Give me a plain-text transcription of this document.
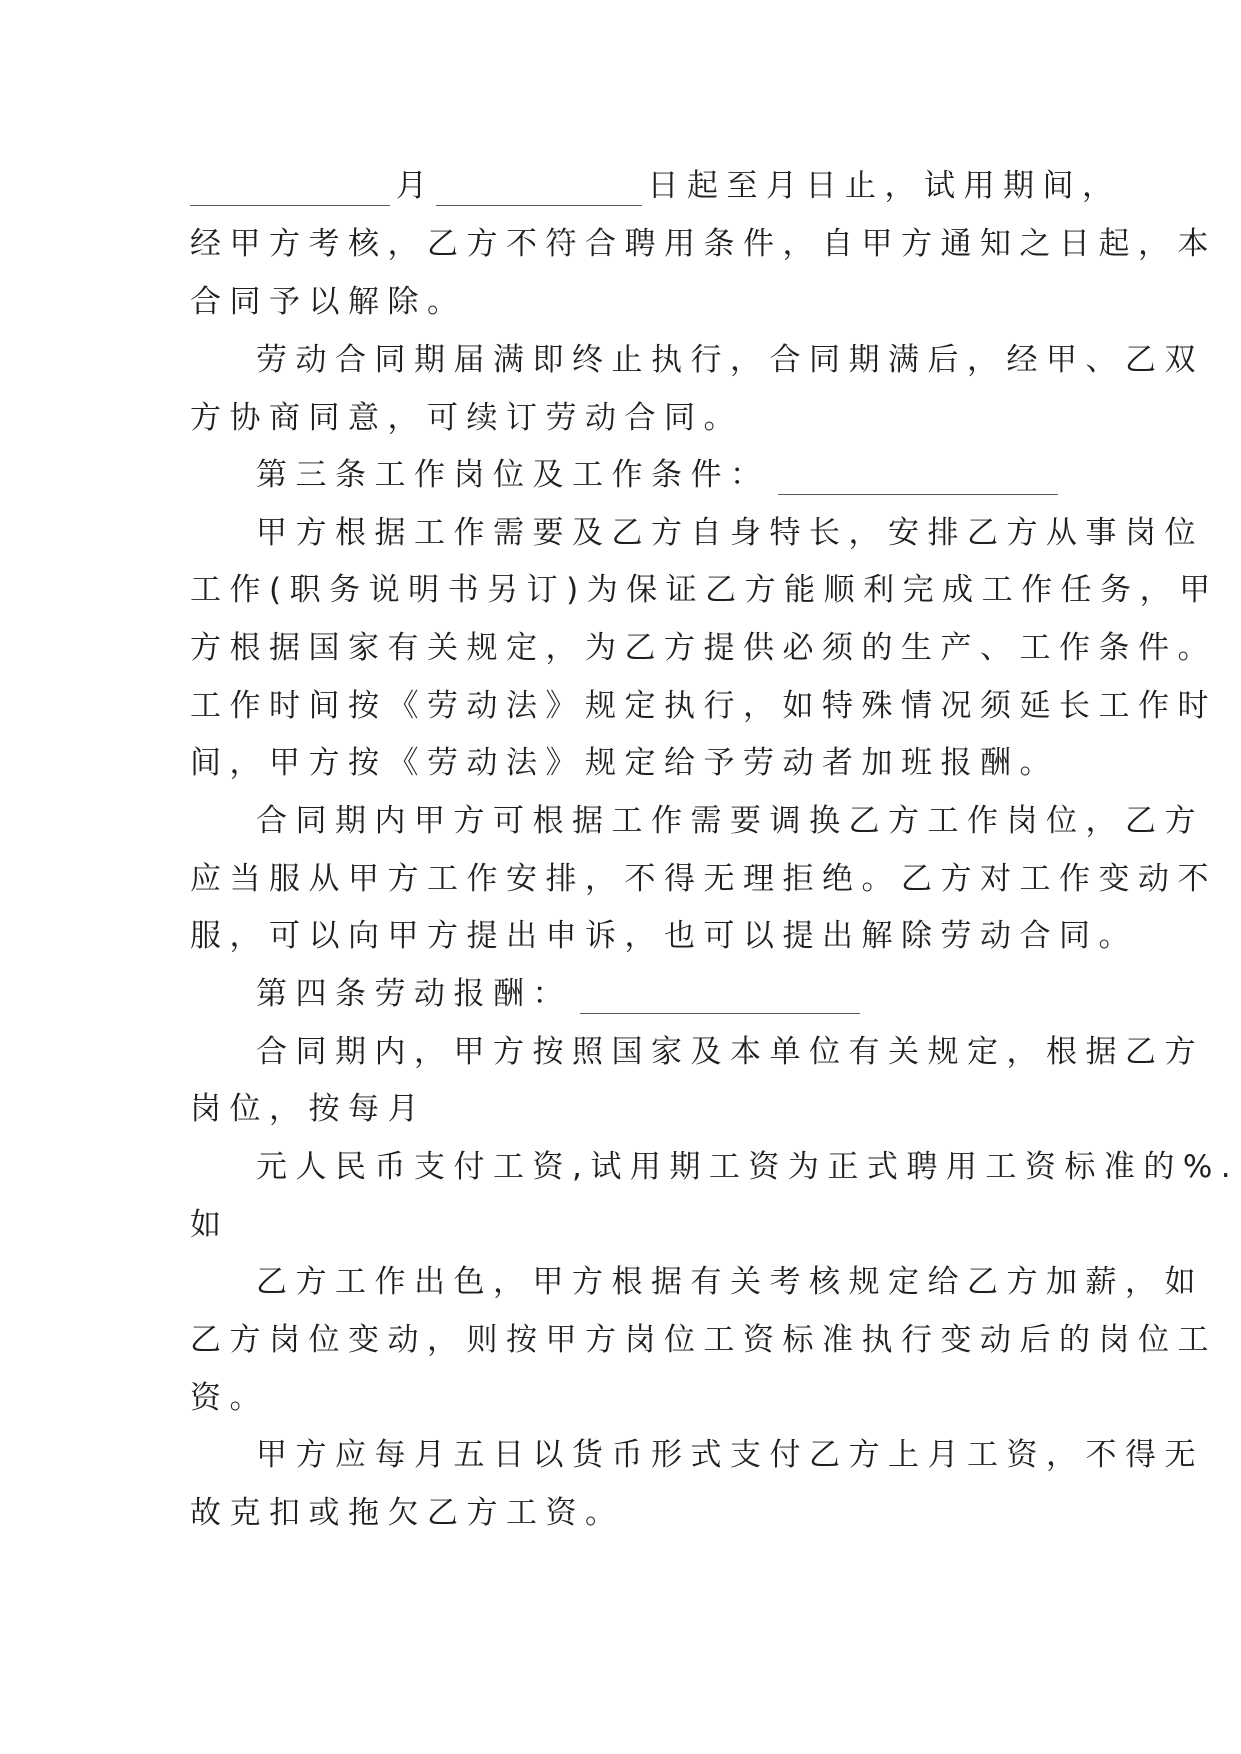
月	日起至月日止，试用期间，

经甲方考核，乙方不符合聘用条件，自甲方通知之日起，本

合同予以解除。

劳动合同期届满即终止执行，合同期满后，经甲、乙双

方协商同意，可续订劳动合同。

第三条工作岗位及工作条件：

甲方根据工作需要及乙方自身特长，安排乙方从事岗位

工作(职务说明书另订)为保证乙方能顺利完成工作任务，甲

方根据国家有关规定，为乙方提供必须的生产、工作条件。

工作时间按《劳动法》规定执行，如特殊情况须延长工作时

间，甲方按《劳动法》规定给予劳动者加班报酬。

合同期内甲方可根据工作需要调换乙方工作岗位，乙方

应当服从甲方工作安排，不得无理拒绝。乙方对工作变动不

服，可以向甲方提出申诉，也可以提出解除劳动合同。

第四条劳动报酬：

合同期内，甲方按照国家及本单位有关规定，根据乙方

岗位，按每月

元人民币支付工资,试用期工资为正式聘用工资标准的%.

如

乙方工作出色，甲方根据有关考核规定给乙方加薪，如

乙方岗位变动，则按甲方岗位工资标准执行变动后的岗位工

资。

甲方应每月五日以货币形式支付乙方上月工资，不得无

故克扣或拖欠乙方工资。
